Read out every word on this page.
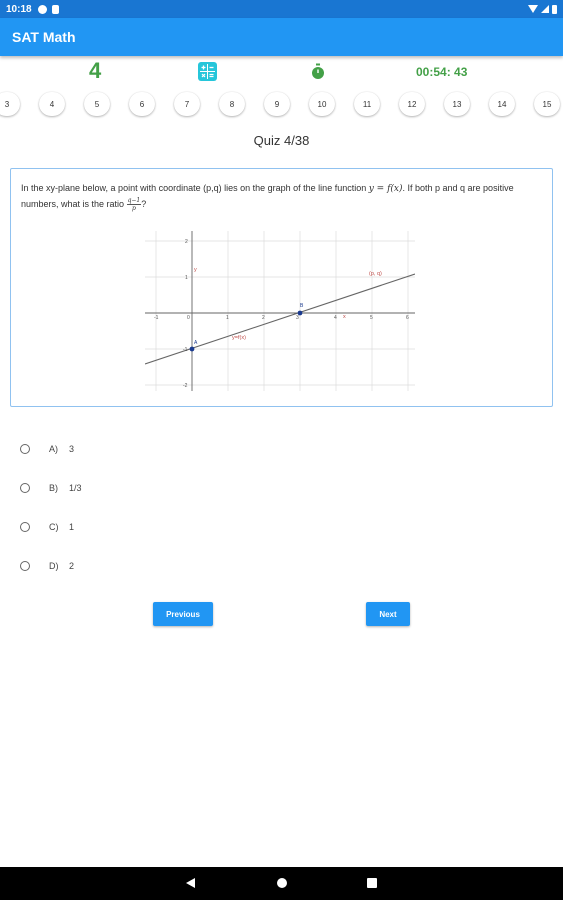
10:18
SAT Math
4	00:54: 43
3	4	5	6	7	8	9	10	11	12	13	14	15
Quiz 4/38
In the xy-plane below, a point with coordinate (p,q) lies on the graph of the line function y = f(x). If both p and q are positive numbers, what is the ratio $\frac{q-1}{p}$ ?
-1	0	1	2	3	4	5	6
2
1
-1
-2
(p, q)
y
x
y=f(x)
A
B
A)	3
B)	1/3
C)	1
D)	2
Previous	Next
